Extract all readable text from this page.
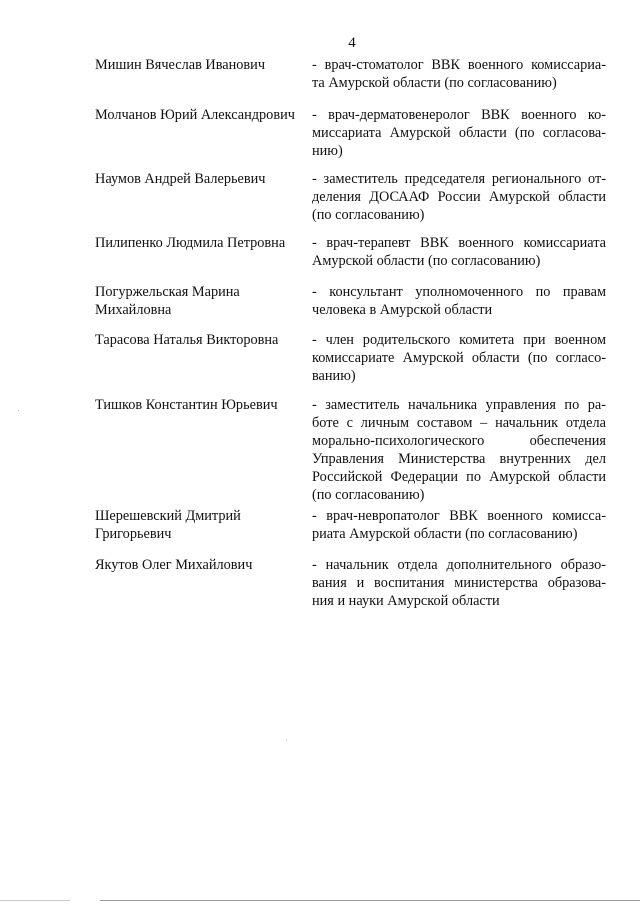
4
Мишин Вячеслав Иванович	- врач-стоматолог ВВК военного комиссариа-
та Амурской области (по согласованию)
Молчанов Юрий Александрович - врач-дерматовенеролог ВВК военного ко-
миссариата Амурской области (по согласова-
нию)
Наумов Андрей Валерьевич	- заместитель председателя регионального от-
деления ДОСААФ России Амурской области
(по согласованию)
Пилипенко Людмила Петровна	- врач-терапевт ВВК военного комиссариата
Амурской области (по согласованию)
Погуржельская Марина
Михайловна
- консультант уполномоченного по правам
человека в Амурской области
Тарасова Наталья Викторовна	- член родительского комитета при военном
комиссариате Амурской области (по согласо-
ванию)
Тишков Константин Юрьевич	- заместитель начальника управления по ра-
боте с личным составом – начальник отдела
морально-психологического обеспечения
Управления Министерства внутренних дел
Российской Федерации по Амурской области
(по согласованию)
Шерешевский Дмитрий
Григорьевич
- врач-невропатолог ВВК военного комисса-
риата Амурской области (по согласованию)
Якутов Олег Михайлович	- начальник отдела дополнительного образо-
вания и воспитания министерства образова-
ния и науки Амурской области
